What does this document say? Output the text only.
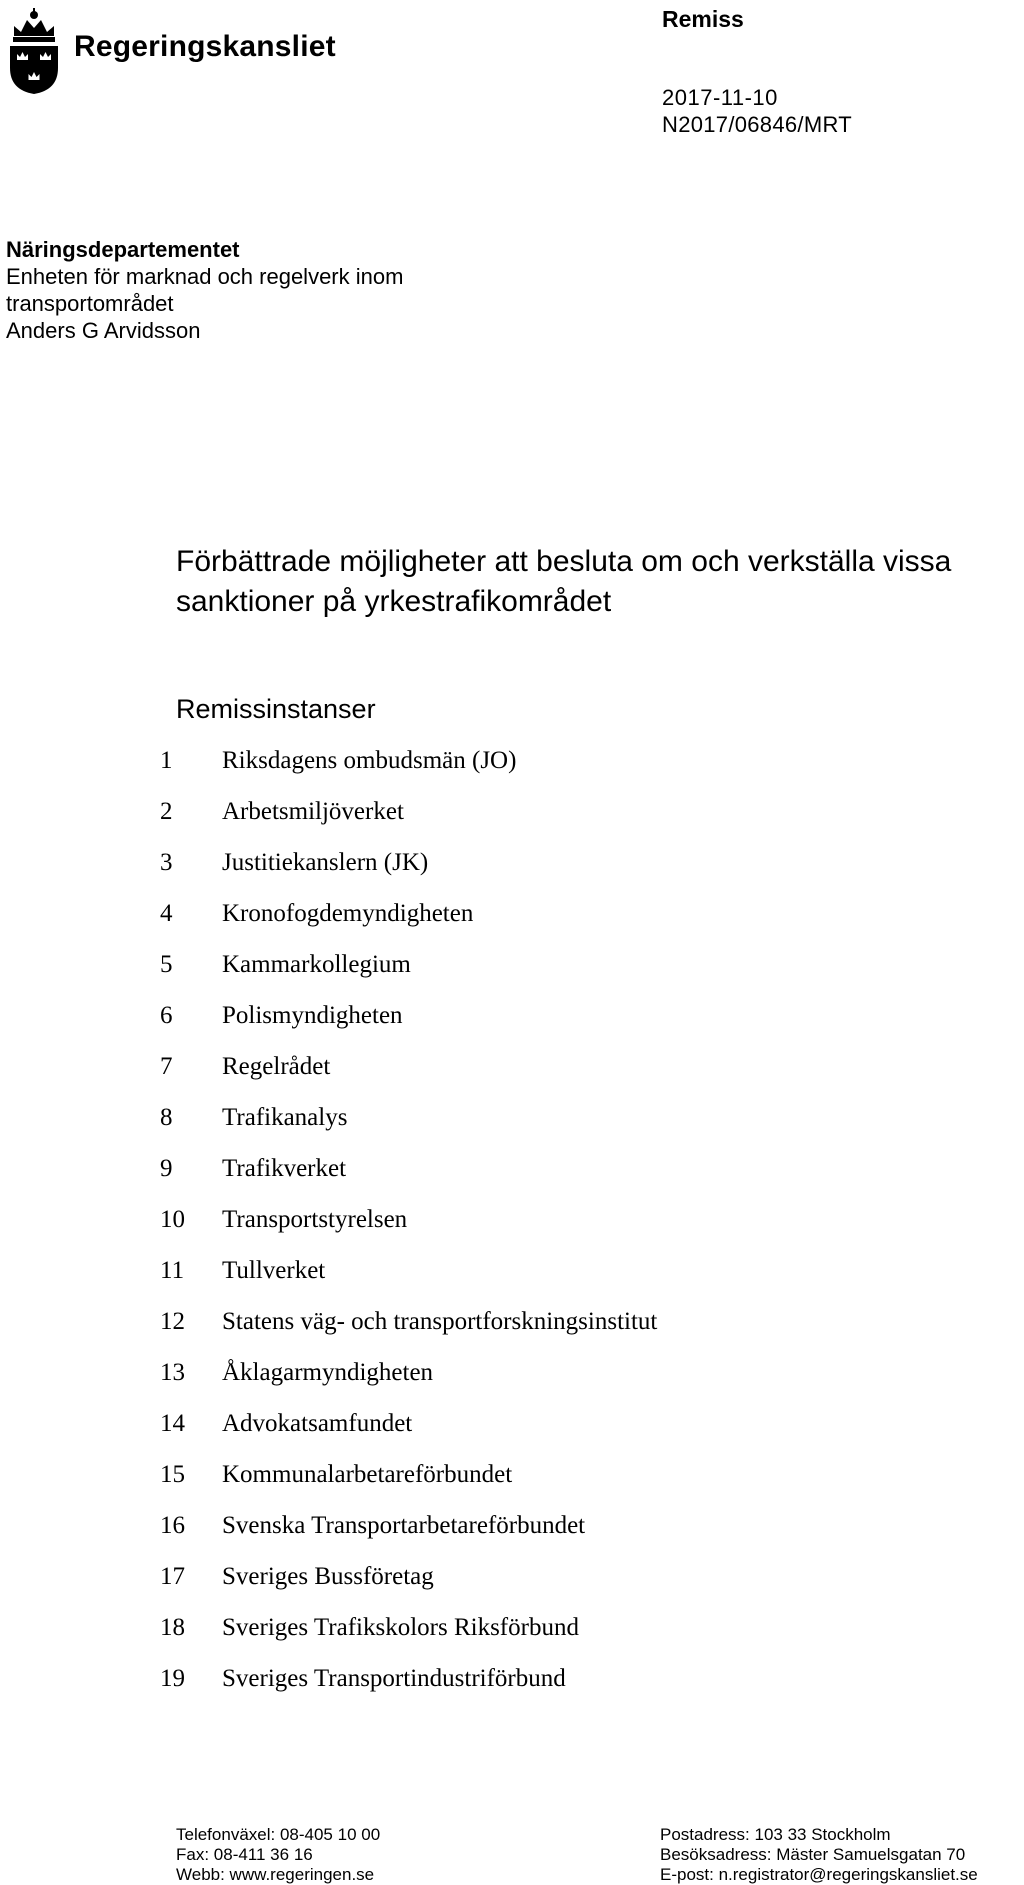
Regeringskansliet
Remiss
2017-11-10
N2017/06846/MRT
Näringsdepartementet
Enheten för marknad och regelverk inom
transportområdet
Anders G Arvidsson
Förbättrade möjligheter att besluta om och verkställa vissa
sanktioner på yrkestrafikområdet
Remissinstanser
1 Riksdagens ombudsmän (JO)
2 Arbetsmiljöverket
3 Justitiekanslern (JK)
4 Kronofogdemyndigheten
5 Kammarkollegium
6 Polismyndigheten
7 Regelrådet
8 Trafikanalys
9 Trafikverket
10 Transportstyrelsen
11 Tullverket
12 Statens väg- och transportforskningsinstitut
13 Åklagarmyndigheten
14 Advokatsamfundet
15 Kommunalarbetareförbundet
16 Svenska Transportarbetareförbundet
17 Sveriges Bussföretag
18 Sveriges Trafikskolors Riksförbund
19 Sveriges Transportindustriförbund
Telefonväxel: 08-405 10 00
Fax: 08-411 36 16
Webb: www.regeringen.se
Postadress: 103 33 Stockholm
Besöksadress: Mäster Samuelsgatan 70
E-post: n.registrator@regeringskansliet.se
